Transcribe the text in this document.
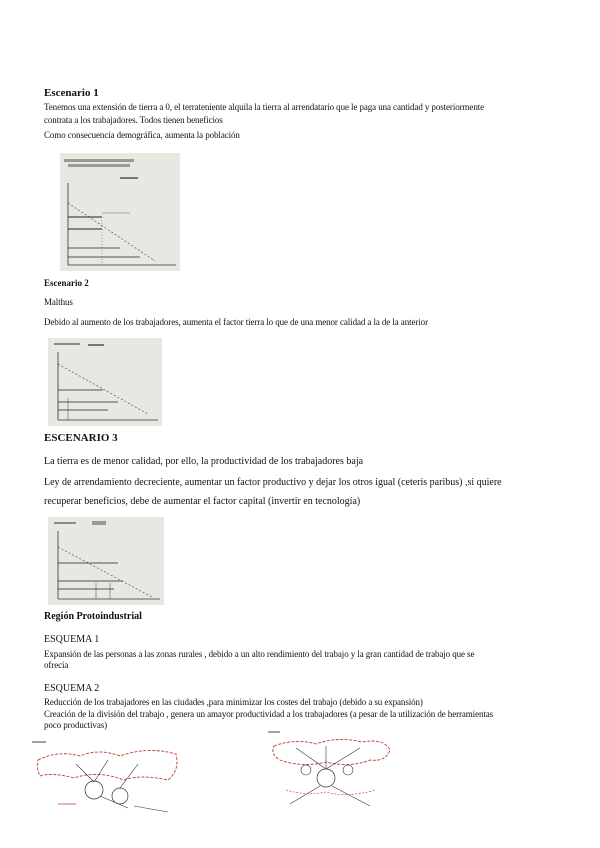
Escenario 1
Tenemos una extensión de tierra a 0, el terrateniente alquila la tierra al arrendatario que le paga una cantidad y posteriormente
contrata a los trabajadores. Todos tienen beneficios
Como consecuencia demográfica, aumenta la población
Escenario 2
Malthus
Debido al aumento de los trabajadores, aumenta el factor tierra lo que de una menor calidad a la de la anterior
ESCENARIO 3
La tierra es de menor calidad, por ello, la productividad de los trabajadores baja
Ley de arrendamiento decreciente, aumentar un factor productivo y dejar los otros igual (ceteris paribus) ,si quiere
recuperar beneficios, debe de aumentar el factor capital (invertir en tecnología)
Región Protoindustrial
ESQUEMA 1
Expansión de las personas a las zonas rurales , debido a un alto rendimiento del trabajo y la gran cantidad de trabajo que se
ofrecía
ESQUEMA 2
Reducción de los trabajadores en las ciudades ,para minimizar los costes del trabajo (debido a su expansión)
Creación de la división del trabajo , genera un amayor productividad a los trabajadores (a pesar de la utilización de herramientas
poco productivas)
